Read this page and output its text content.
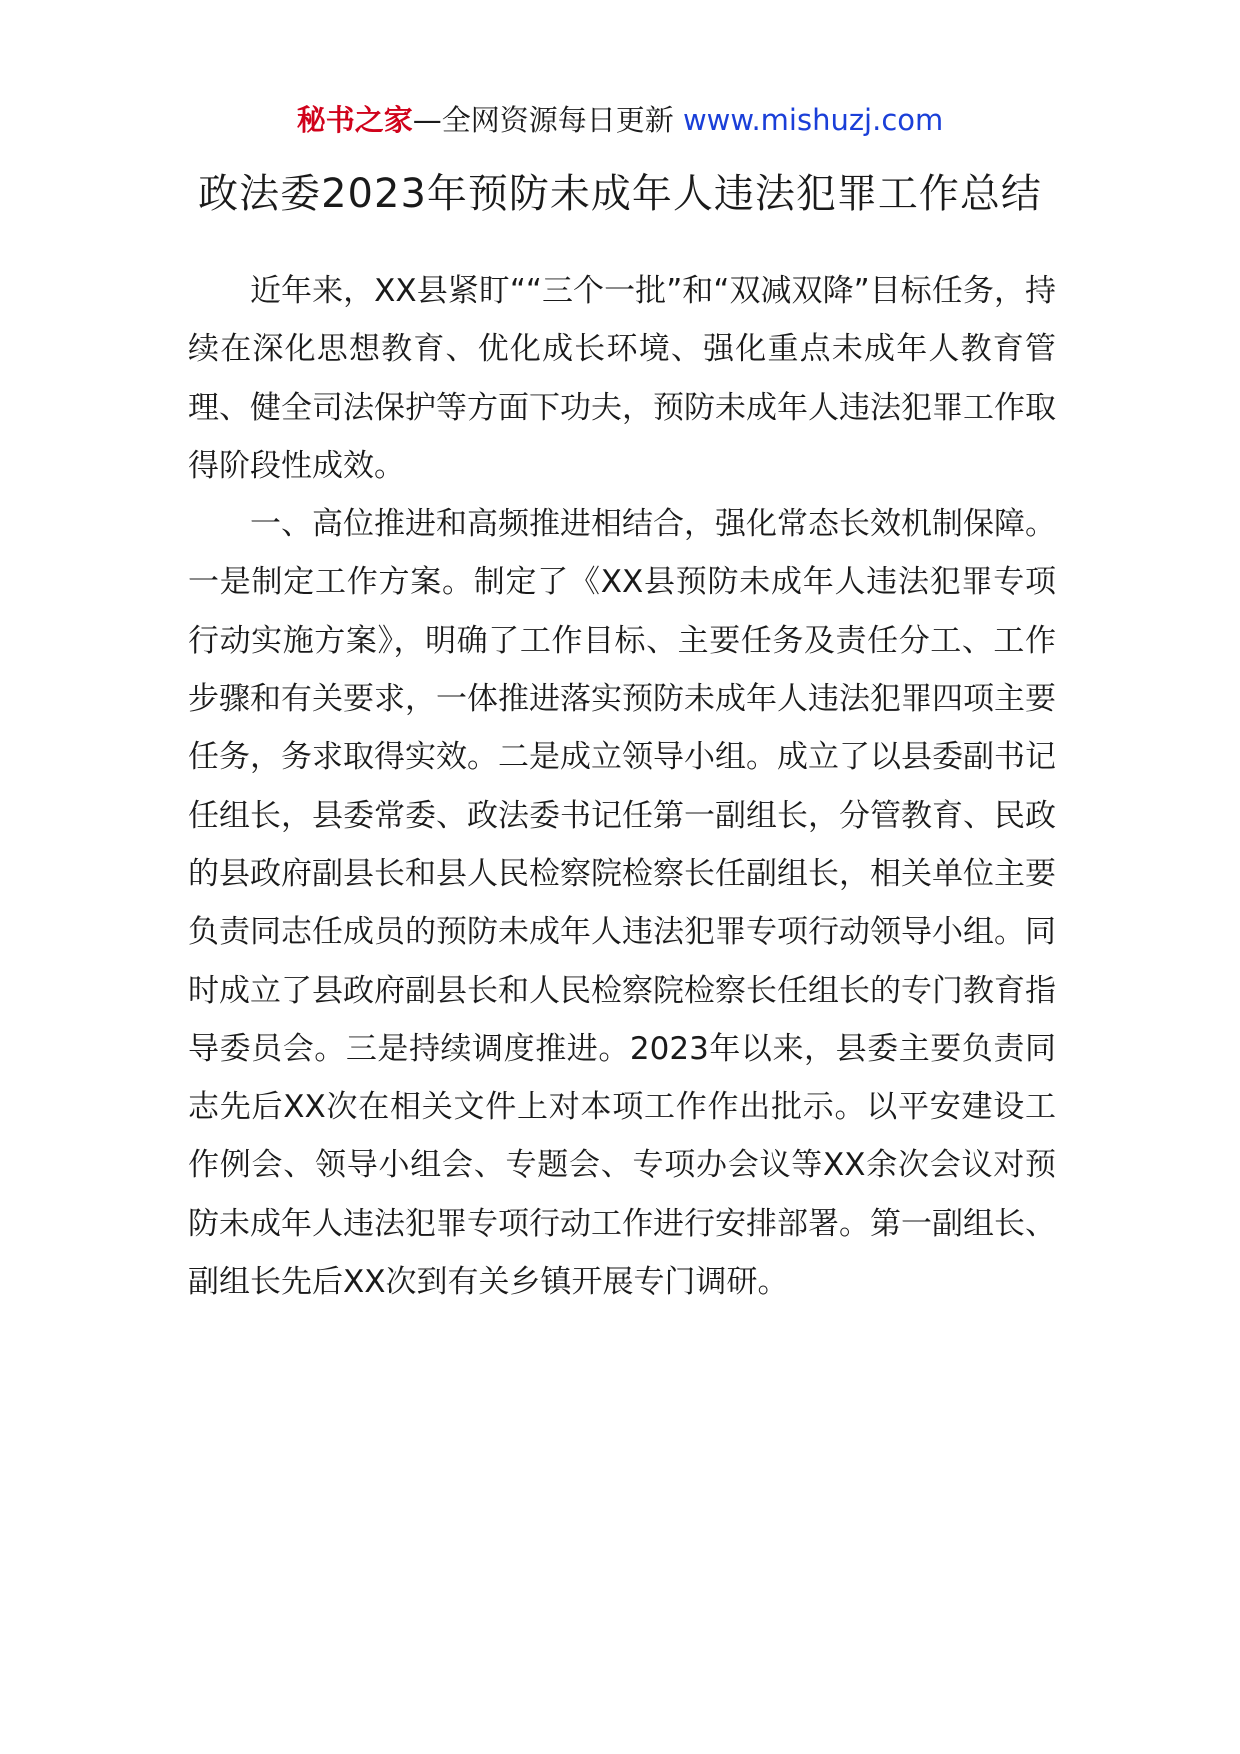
秘书之家—全网资源每日更新 www.mishuzj.com
政法委2023年预防未成年人违法犯罪工作总结

近年来，XX县紧盯““三个一批”和“双减双降”目标任务，持续在深化思想教育、优化成长环境、强化重点未成年人教育管理、健全司法保护等方面下功夫，预防未成年人违法犯罪工作取得阶段性成效。

一、高位推进和高频推进相结合，强化常态长效机制保障。一是制定工作方案。制定了《XX县预防未成年人违法犯罪专项行动实施方案》，明确了工作目标、主要任务及责任分工、工作步骤和有关要求，一体推进落实预防未成年人违法犯罪四项主要任务，务求取得实效。二是成立领导小组。成立了以县委副书记任组长，县委常委、政法委书记任第一副组长，分管教育、民政的县政府副县长和县人民检察院检察长任副组长，相关单位主要负责同志任成员的预防未成年人违法犯罪专项行动领导小组。同时成立了县政府副县长和人民检察院检察长任组长的专门教育指导委员会。三是持续调度推进。2023年以来，县委主要负责同志先后XX次在相关文件上对本项工作作出批示。以平安建设工作例会、领导小组会、专题会、专项办会议等XX余次会议对预防未成年人违法犯罪专项行动工作进行安排部署。第一副组长、副组长先后XX次到有关乡镇开展专门调研。
